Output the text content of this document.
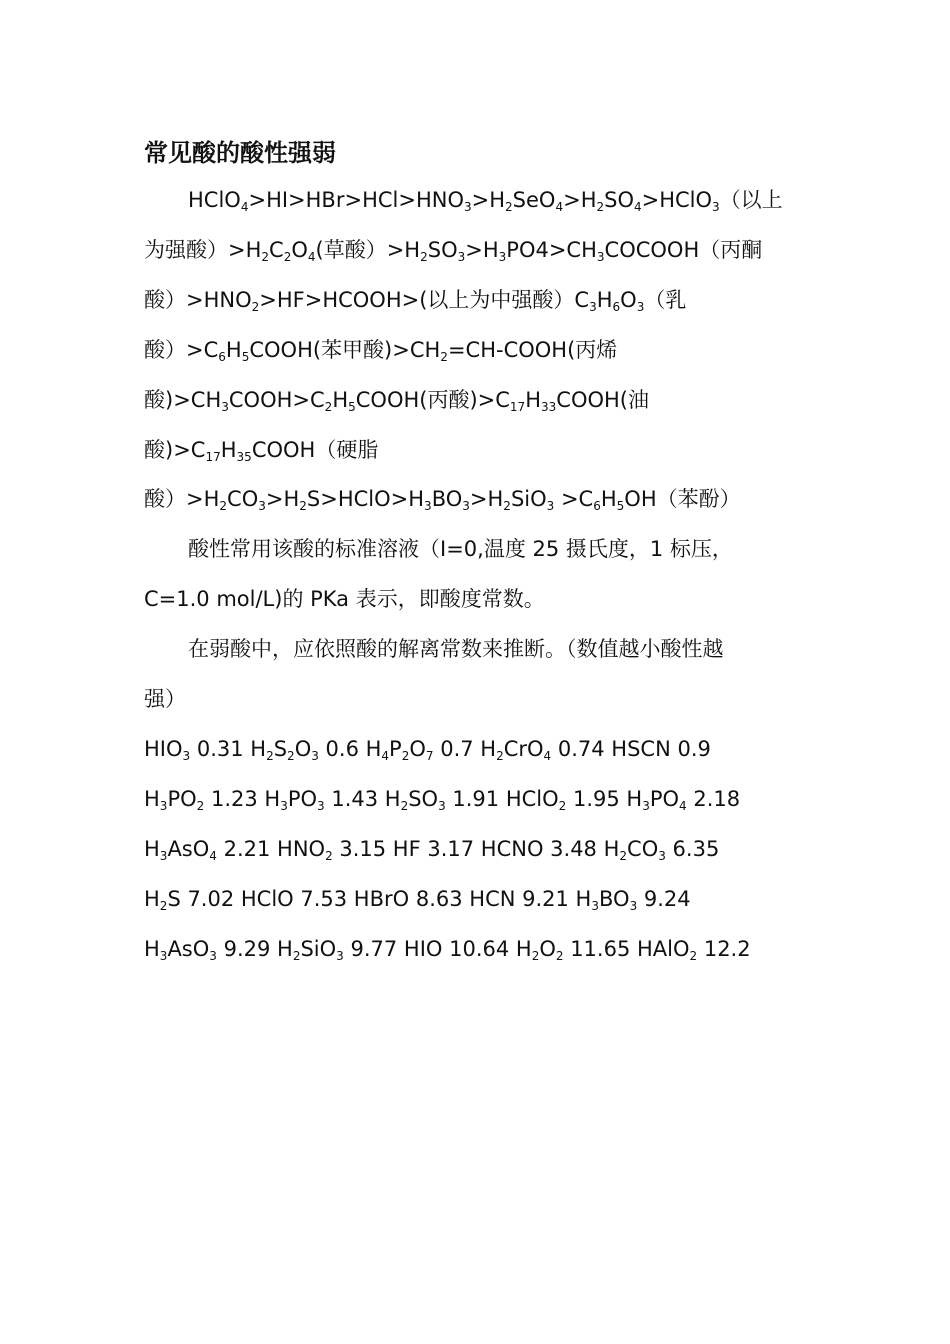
常见酸的酸性强弱
$HClO_4>HI>HBr>HCl>HNO_3>H_2SeO_4>H_2SO_4>HClO_3$（以上
为强酸）$>H_2C_2O_4$(草酸）$>H_2SO_3>H_3PO4>CH_3COCOOH$（丙酮
酸）$>HNO_2>HF>HCOOH>$(以上为中强酸）$C_3H_6O_3$（乳
酸）$>C_6H_5COOH$(苯甲酸)$>CH_2=CH-COOH$(丙烯
酸)$>CH_3COOH>C_2H_5COOH$(丙酸)$>C_{17}H_{33}COOH$(油
酸)$>C_{17}H_{35}COOH$（硬脂
酸）$>H_2CO_3>H_2S>HClO>H_3BO_3>H_2SiO_3 >C_6H_5OH$（苯酚）
酸性常用该酸的标准溶液（I=0,温度 25 摄氏度，1 标压，
C=1.0 mol/L)的 PKa 表示，即酸度常数。
在弱酸中，应依照酸的解离常数来推断。（数值越小酸性越
强）
$HIO_3$ 0.31 $H_2S_2O_3$ 0.6 $H_4P_2O_7$ 0.7 $H_2CrO_4$ 0.74 HSCN 0.9
$H_3PO_2$ 1.23 $H_3PO_3$ 1.43 $H_2SO_3$ 1.91 HClO$_2$ 1.95 $H_3PO_4$ 2.18
$H_3AsO_4$ 2.21 $HNO_2$ 3.15 HF 3.17 HCNO 3.48 $H_2CO_3$ 6.35
$H_2S$ 7.02 HClO 7.53 HBrO 8.63 HCN 9.21 $H_3BO_3$ 9.24
$H_3AsO_3$ 9.29 $H_2SiO_3$ 9.77 HIO 10.64 $H_2O_2$ 11.65 HAlO$_2$ 12.2
